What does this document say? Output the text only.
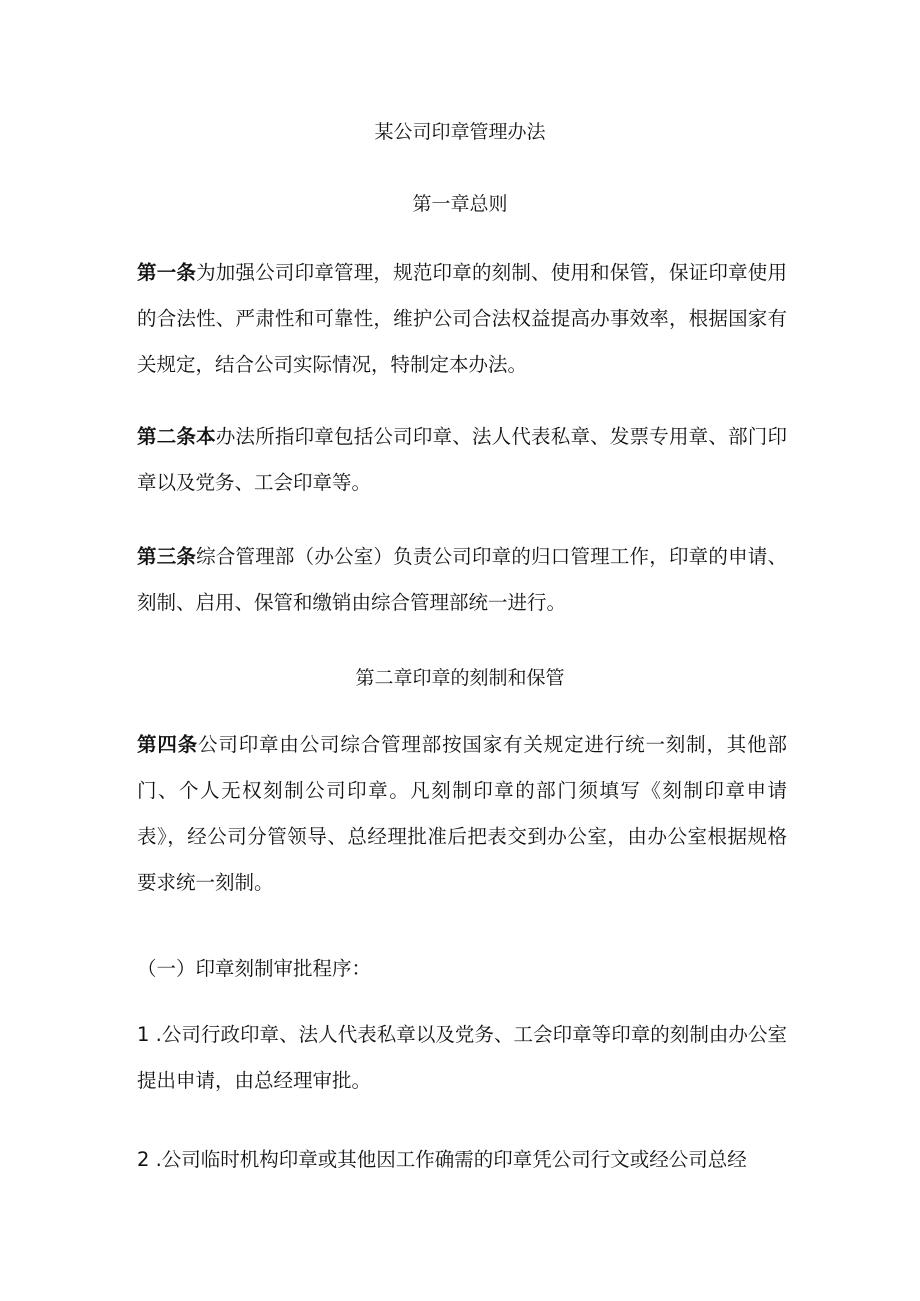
某公司印章管理办法
第一章总则

第一条为加强公司印章管理，规范印章的刻制、使用和保管，保证印章使用的合法性、严肃性和可靠性，维护公司合法权益提高办事效率，根据国家有关规定，结合公司实际情况，特制定本办法。

第二条本办法所指印章包括公司印章、法人代表私章、发票专用章、部门印章以及党务、工会印章等。

第三条综合管理部（办公室）负责公司印章的归口管理工作，印章的申请、刻制、启用、保管和缴销由综合管理部统一进行。

第二章印章的刻制和保管

第四条公司印章由公司综合管理部按国家有关规定进行统一刻制，其他部门、个人无权刻制公司印章。凡刻制印章的部门须填写《刻制印章申请表》，经公司分管领导、总经理批准后把表交到办公室，由办公室根据规格要求统一刻制。

（一）印章刻制审批程序：

1 .公司行政印章、法人代表私章以及党务、工会印章等印章的刻制由办公室提出申请，由总经理审批。

2 .公司临时机构印章或其他因工作确需的印章凭公司行文或经公司总经
